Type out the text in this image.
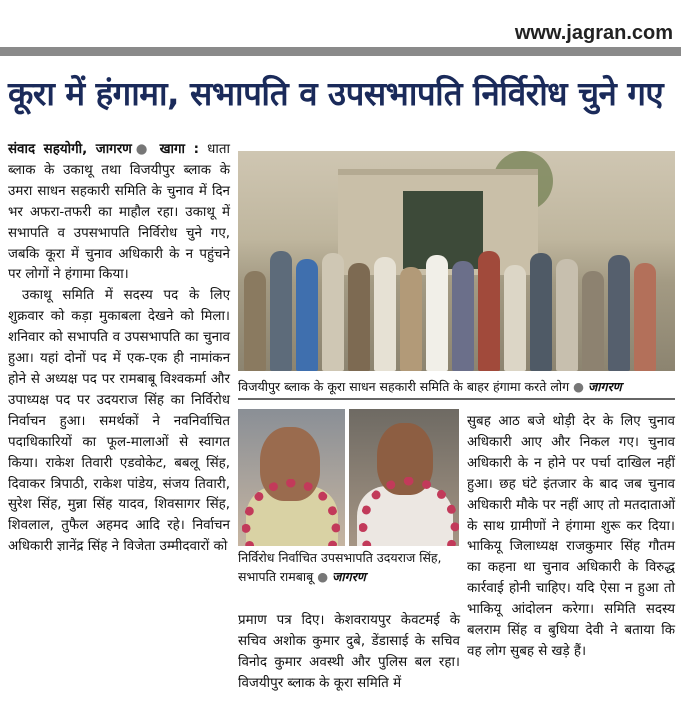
www.jagran.com
कूरा में हंगामा, सभापति व उपसभापति निर्विरोध चुने गए

संवाद सहयोगी, जागरण● खागा : धाता ब्लाक के उकाथू तथा विजयीपुर ब्लाक के उमरा साधन सहकारी समिति के चुनाव में दिन भर अफरा-तफरी का माहौल रहा। उकाथू में सभापति व उपसभापति निर्विरोध चुने गए, जबकि कूरा में चुनाव अधिकारी के न पहुंचने पर लोगों ने हंगामा किया।

उकाथू समिति में सदस्य पद के लिए शुक्रवार को कड़ा मुकाबला देखने को मिला। शनिवार को सभापति व उपसभापति का चुनाव हुआ। यहां दोनों पद में एक-एक ही नामांकन होने से अध्यक्ष पद पर रामबाबू विश्वकर्मा और उपाध्यक्ष पद पर उदयराज सिंह का निर्विरोध निर्वाचन हुआ। समर्थकों ने नवनिर्वाचित पदाधिकारियों का फूल-मालाओं से स्वागत किया। राकेश तिवारी एडवोकेट, बबलू सिंह, दिवाकर त्रिपाठी, राकेश पांडेय, संजय तिवारी, सुरेश सिंह, मुन्ना सिंह यादव, शिवसागर सिंह, शिवलाल, तुफैल अहमद आदि रहे। निर्वाचन अधिकारी ज्ञानेंद्र सिंह ने विजेता उम्मीदवारों को

विजयीपुर ब्लाक के कूरा साधन सहकारी समिति के बाहर हंगामा करते लोग ● जागरण
निर्विरोध निर्वाचित उपसभापति उदयराज सिंह, सभापति रामबाबू ● जागरण

प्रमाण पत्र दिए। केशवरायपुर केवटमई के सचिव अशोक कुमार दुबे, डेंडासाई के सचिव विनोद कुमार अवस्थी और पुलिस बल रहा। विजयीपुर ब्लाक के कूरा समिति में

सुबह आठ बजे थोड़ी देर के लिए चुनाव अधिकारी आए और निकल गए। चुनाव अधिकारी के न होने पर पर्चा दाखिल नहीं हुआ। छह घंटे इंतजार के बाद जब चुनाव अधिकारी मौके पर नहीं आए तो मतदाताओं के साथ ग्रामीणों ने हंगामा शुरू कर दिया। भाकियू जिलाध्यक्ष राजकुमार सिंह गौतम का कहना था चुनाव अधिकारी के विरुद्ध कार्रवाई होनी चाहिए। यदि ऐसा न हुआ तो भाकियू आंदोलन करेगा। समिति सदस्य बलराम सिंह व बुधिया देवी ने बताया कि वह लोग सुबह से खड़े हैं।
